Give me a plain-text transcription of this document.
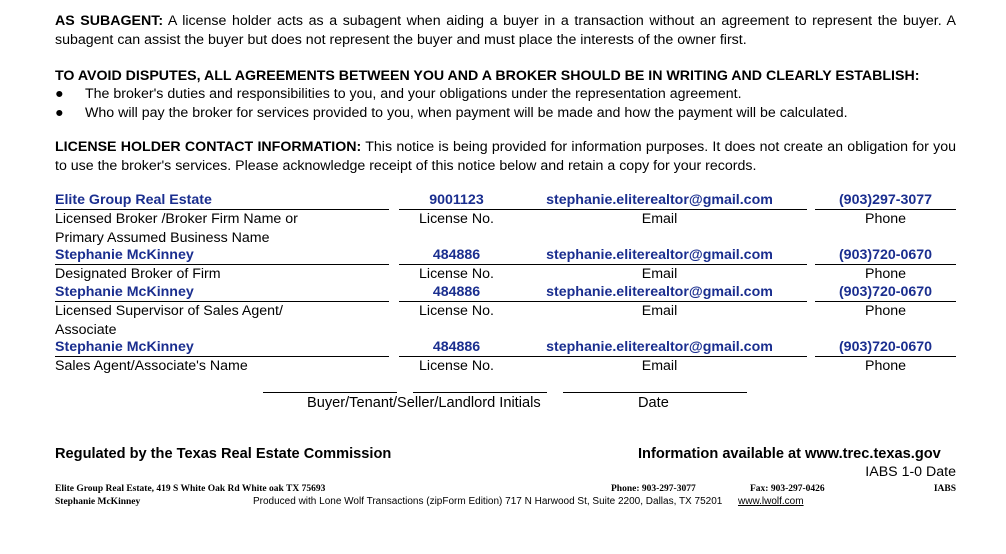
AS SUBAGENT: A license holder acts as a subagent when aiding a buyer in a transaction without an agreement to represent the buyer. A subagent can assist the buyer but does not represent the buyer and must place the interests of the owner first.
TO AVOID DISPUTES, ALL AGREEMENTS BETWEEN YOU AND A BROKER SHOULD BE IN WRITING AND CLEARLY ESTABLISH:
● The broker's duties and responsibilities to you, and your obligations under the representation agreement.
● Who will pay the broker for services provided to you, when payment will be made and how the payment will be calculated.
LICENSE HOLDER CONTACT INFORMATION: This notice is being provided for information purposes. It does not create an obligation for you to use the broker's services. Please acknowledge receipt of this notice below and retain a copy for your records.
Elite Group Real Estate	9001123	stephanie.eliterealtor@gmail.com	(903)297-3077
Licensed Broker /Broker Firm Name or
Primary Assumed Business Name
License No.	Email	Phone
Stephanie McKinney	484886	stephanie.eliterealtor@gmail.com	(903)720-0670
Designated Broker of Firm	License No.	Email	Phone
Stephanie McKinney	484886	stephanie.eliterealtor@gmail.com	(903)720-0670
Licensed Supervisor of Sales Agent/
Associate
License No.	Email	Phone
Stephanie McKinney	484886	stephanie.eliterealtor@gmail.com	(903)720-0670
Sales Agent/Associate's Name	License No.	Email	Phone
Buyer/Tenant/Seller/Landlord Initials	Date
Regulated by the Texas Real Estate Commission	Information available at www.trec.texas.gov
IABS 1-0 Date
Elite Group Real Estate, 419 S White Oak Rd White oak TX 75693	Phone: 903-297-3077	Fax: 903-297-0426	IABS
Stephanie McKinney	Produced with Lone Wolf Transactions (zipForm Edition) 717 N Harwood St, Suite 2200, Dallas, TX 75201 www.lwolf.com
